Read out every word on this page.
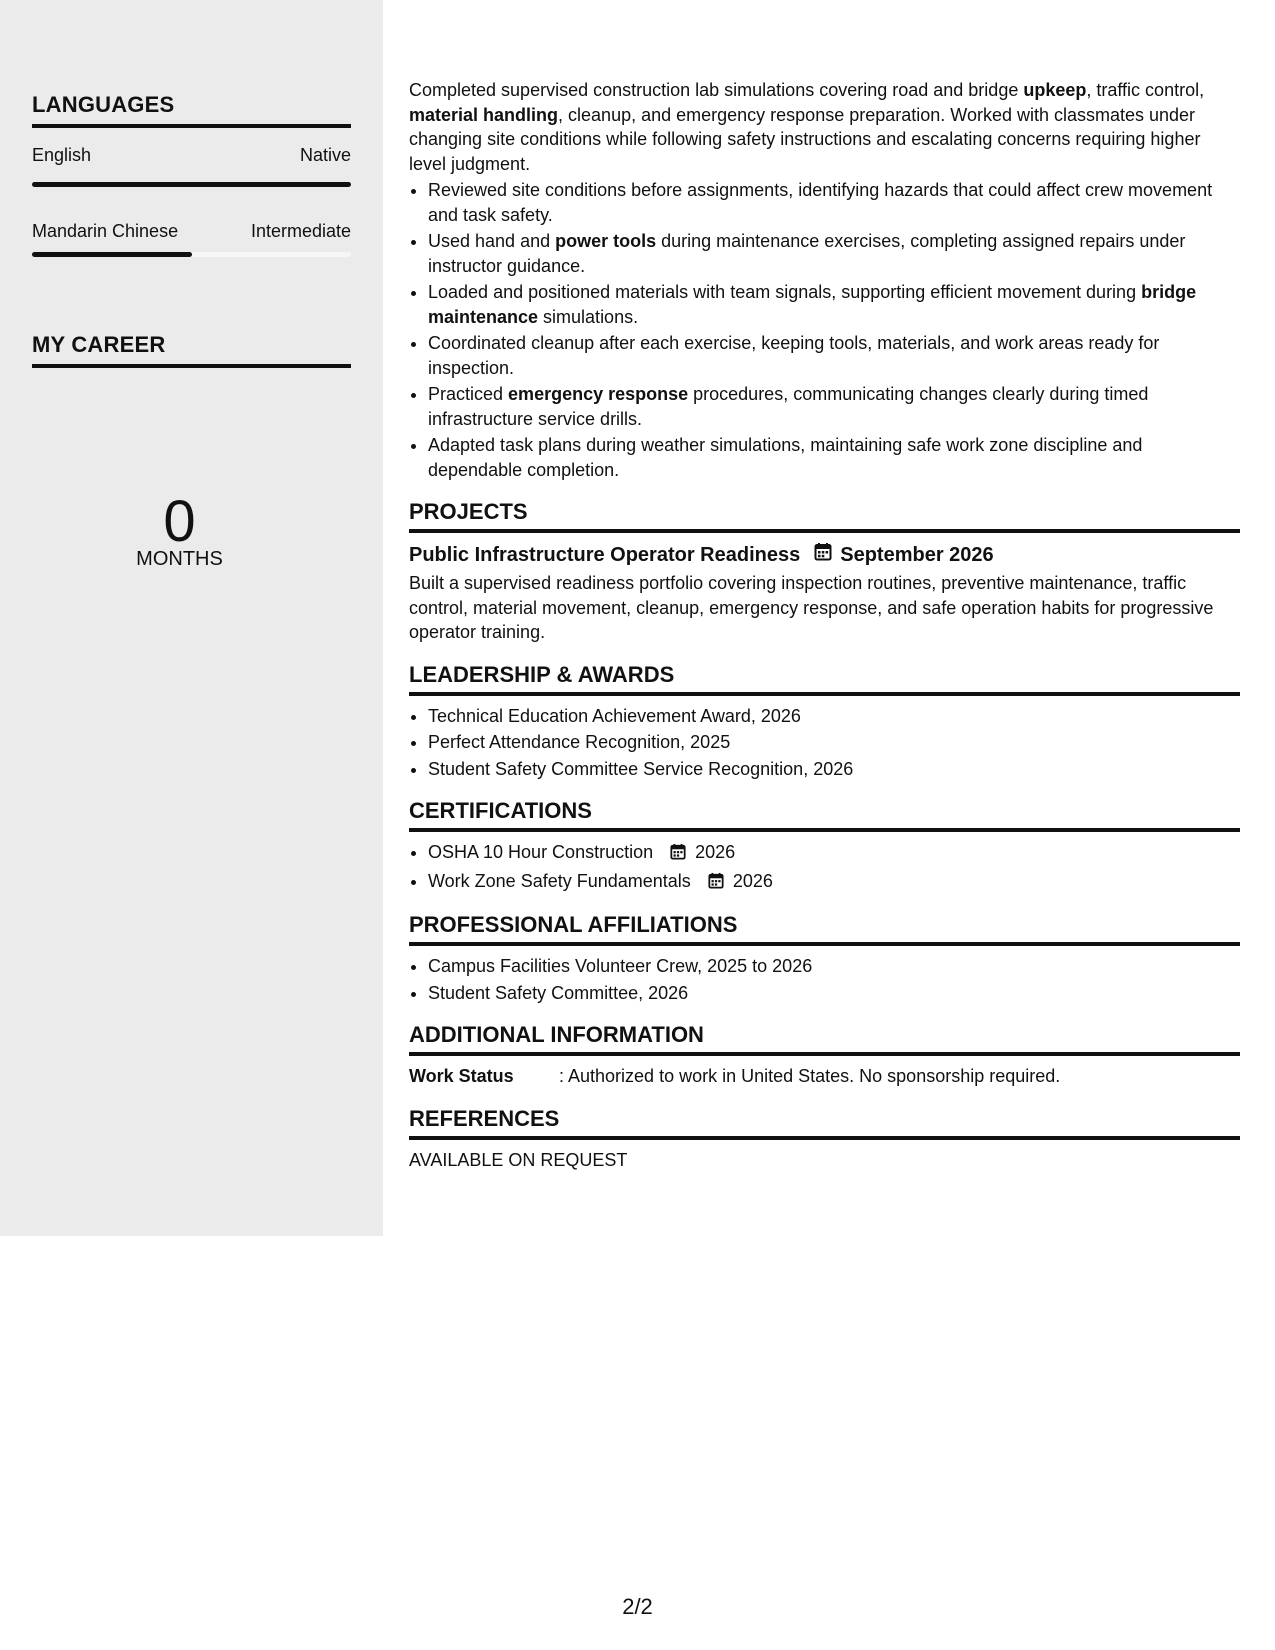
LANGUAGES
English	Native
Mandarin Chinese	Intermediate
MY CAREER
0
MONTHS

Completed supervised construction lab simulations covering road and bridge upkeep, traffic control, material handling, cleanup, and emergency response preparation. Worked with classmates under changing site conditions while following safety instructions and escalating concerns requiring higher level judgment.

• Reviewed site conditions before assignments, identifying hazards that could affect crew movement and task safety.
• Used hand and power tools during maintenance exercises, completing assigned repairs under instructor guidance.
• Loaded and positioned materials with team signals, supporting efficient movement during bridge maintenance simulations.
• Coordinated cleanup after each exercise, keeping tools, materials, and work areas ready for inspection.
• Practiced emergency response procedures, communicating changes clearly during timed infrastructure service drills.
• Adapted task plans during weather simulations, maintaining safe work zone discipline and dependable completion.
PROJECTS
Public Infrastructure Operator Readiness September 2026

Built a supervised readiness portfolio covering inspection routines, preventive maintenance, traffic control, material movement, cleanup, emergency response, and safe operation habits for progressive operator training.

LEADERSHIP & AWARDS
• Technical Education Achievement Award, 2026
• Perfect Attendance Recognition, 2025
• Student Safety Committee Service Recognition, 2026
CERTIFICATIONS
• OSHA 10 Hour Construction 2026
• Work Zone Safety Fundamentals 2026
PROFESSIONAL AFFILIATIONS
• Campus Facilities Volunteer Crew, 2025 to 2026
• Student Safety Committee, 2026
ADDITIONAL INFORMATION
Work Status	: Authorized to work in United States. No sponsorship required.
REFERENCES

AVAILABLE ON REQUEST

2/2
